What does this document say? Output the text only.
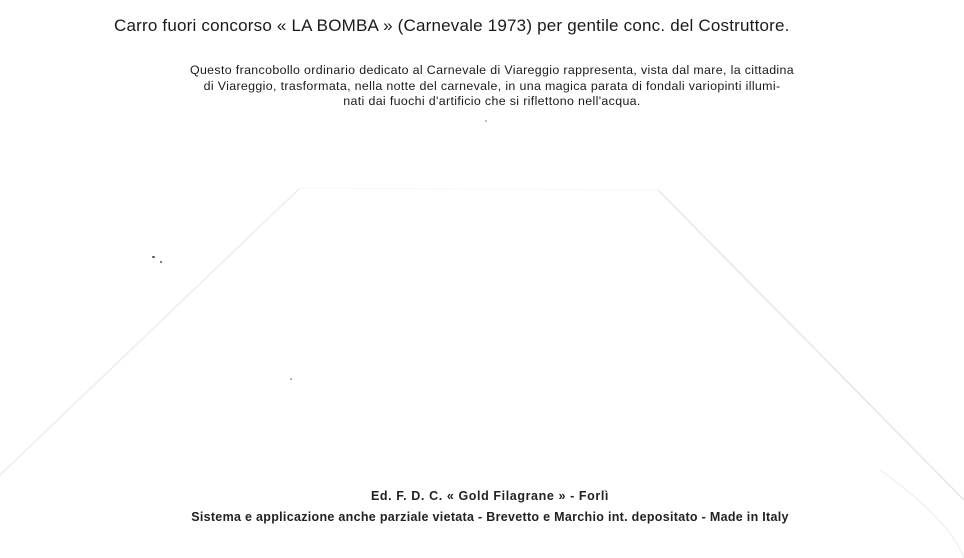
Carro fuori concorso « LA BOMBA » (Carnevale 1973) per gentile conc. del Costruttore.
Questo francobollo ordinario dedicato al Carnevale di Viareggio rappresenta, vista dal mare, la cittadina
di Viareggio, trasformata, nella notte del carnevale, in una magica parata di fondali variopinti illumi-
nati dai fuochi d'artificio che si riflettono nell'acqua.
Ed. F. D. C. « Gold Filagrane » - Forlì
Sistema e applicazione anche parziale vietata - Brevetto e Marchio int. depositato - Made in Italy
